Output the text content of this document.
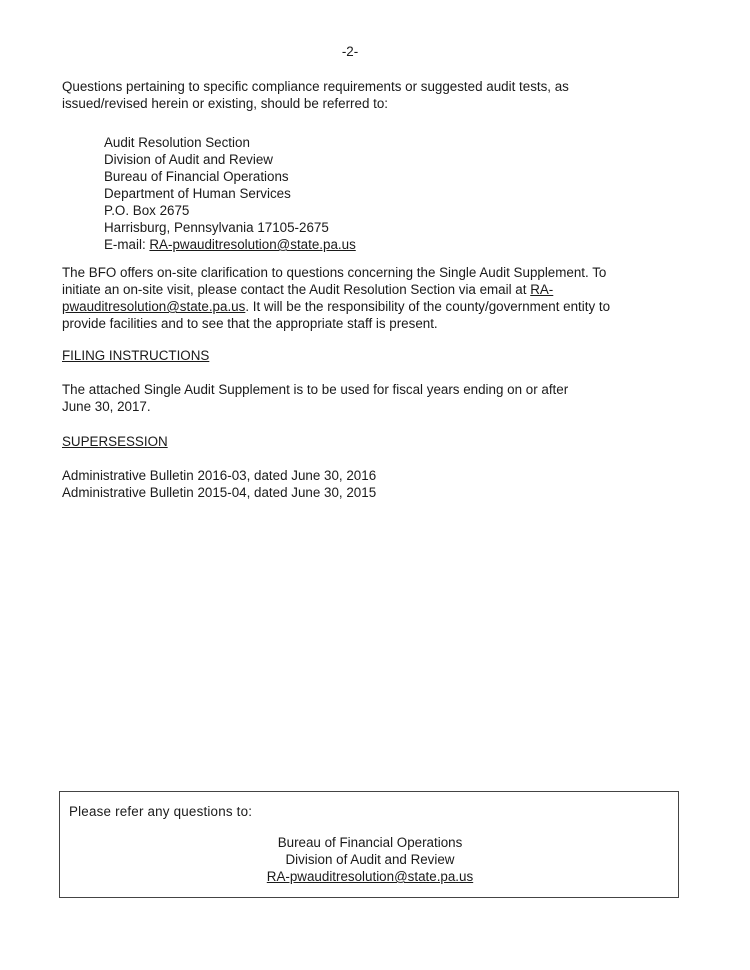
-2-

Questions pertaining to specific compliance requirements or suggested audit tests, as

issued/revised herein or existing, should be referred to:

Audit Resolution Section
Division of Audit and Review
Bureau of Financial Operations
Department of Human Services
P.O. Box 2675
Harrisburg, Pennsylvania 17105-2675
E-mail: RA-pwauditresolution@state.pa.us

The BFO offers on-site clarification to questions concerning the Single Audit Supplement. To

initiate an on-site visit, please contact the Audit Resolution Section via email at RA-

pwauditresolution@state.pa.us. It will be the responsibility of the county/government entity to

provide facilities and to see that the appropriate staff is present.

FILING INSTRUCTIONS

The attached Single Audit Supplement is to be used for fiscal years ending on or after

June 30, 2017.

SUPERSESSION

Administrative Bulletin 2016-03, dated June 30, 2016

Administrative Bulletin 2015-04, dated June 30, 2015

Please refer any questions to:
Bureau of Financial Operations
Division of Audit and Review
RA-pwauditresolution@state.pa.us
